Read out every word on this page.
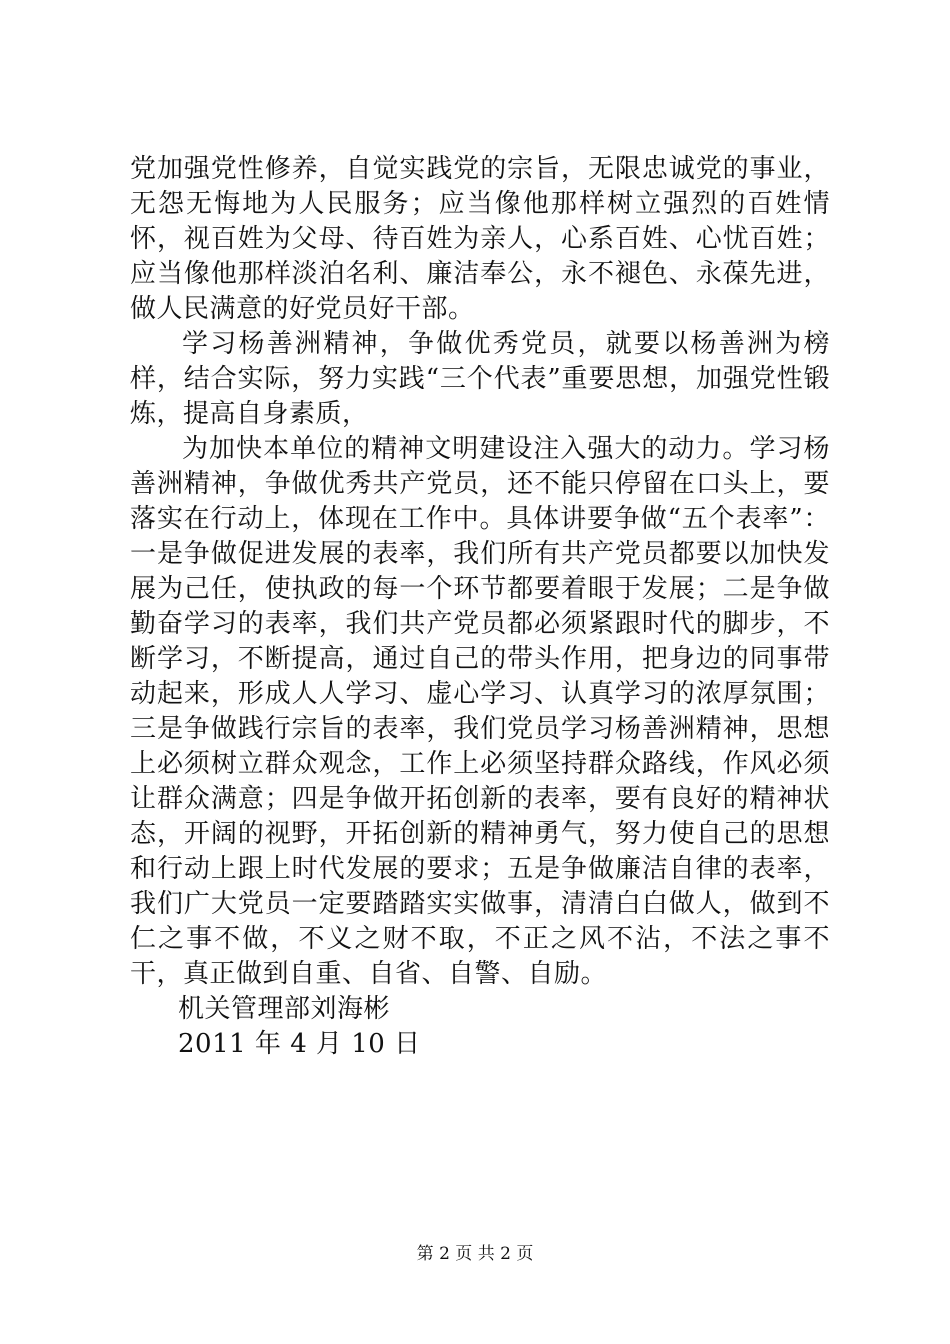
党加强党性修养，自觉实践党的宗旨，无限忠诚党的事业，无怨无悔地为人民服务；应当像他那样树立强烈的百姓情怀，视百姓为父母、待百姓为亲人，心系百姓、心忧百姓；应当像他那样淡泊名利、廉洁奉公，永不褪色、永葆先进，做人民满意的好党员好干部。

学习杨善洲精神，争做优秀党员，就要以杨善洲为榜样，结合实际，努力实践“三个代表”重要思想，加强党性锻炼，提高自身素质，

为加快本单位的精神文明建设注入强大的动力。学习杨善洲精神，争做优秀共产党员，还不能只停留在口头上，要落实在行动上，体现在工作中。具体讲要争做“五个表率”：一是争做促进发展的表率，我们所有共产党员都要以加快发展为己任，使执政的每一个环节都要着眼于发展；二是争做勤奋学习的表率，我们共产党员都必须紧跟时代的脚步，不断学习，不断提高，通过自己的带头作用，把身边的同事带动起来，形成人人学习、虚心学习、认真学习的浓厚氛围；三是争做践行宗旨的表率，我们党员学习杨善洲精神，思想上必须树立群众观念，工作上必须坚持群众路线，作风必须让群众满意；四是争做开拓创新的表率，要有良好的精神状态，开阔的视野，开拓创新的精神勇气，努力使自己的思想和行动上跟上时代发展的要求；五是争做廉洁自律的表率，我们广大党员一定要踏踏实实做事，清清白白做人，做到不仁之事不做，不义之财不取，不正之风不沾，不法之事不干，真正做到自重、自省、自警、自励。

机关管理部刘海彬

2011 年 4 月 10 日

第 2 页 共 2 页
